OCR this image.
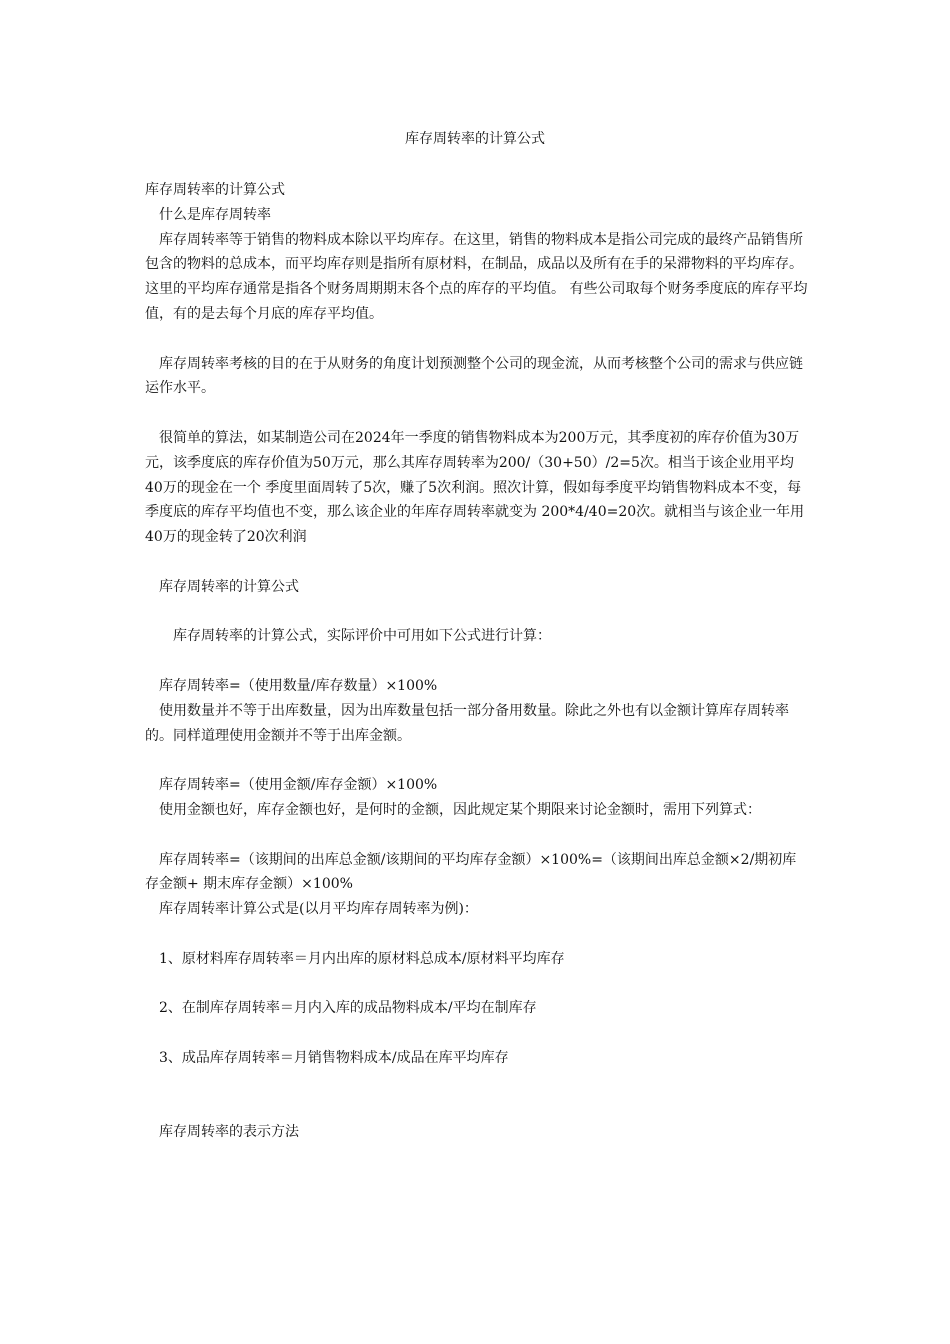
库存周转率的计算公式

库存周转率的计算公式

　什么是库存周转率

　库存周转率等于销售的物料成本除以平均库存。在这里，销售的物料成本是指公司完成的最终产品销售所包含的物料的总成本，而平均库存则是指所有原材料，在制品，成品以及所有在手的呆滞物料的平均库存。这里的平均库存通常是指各个财务周期期末各个点的库存的平均值。 有些公司取每个财务季度底的库存平均值，有的是去每个月底的库存平均值。

　库存周转率考核的目的在于从财务的角度计划预测整个公司的现金流，从而考核整个公司的需求与供应链运作水平。

　很简单的算法，如某制造公司在2024年一季度的销售物料成本为200万元，其季度初的库存价值为30万元，该季度底的库存价值为50万元，那么其库存周转率为200/（30+50）/2=5次。相当于该企业用平均40万的现金在一个 季度里面周转了5次，赚了5次利润。照次计算，假如每季度平均销售物料成本不变，每季度底的库存平均值也不变，那么该企业的年库存周转率就变为 200*4/40=20次。就相当与该企业一年用40万的现金转了20次利润

　库存周转率的计算公式

　　库存周转率的计算公式，实际评价中可用如下公式进行计算：

　库存周转率=（使用数量/库存数量）×100%

　使用数量并不等于出库数量，因为出库数量包括一部分备用数量。除此之外也有以金额计算库存周转率的。同样道理使用金额并不等于出库金额。

　库存周转率=（使用金额/库存金额）×100%

　使用金额也好，库存金额也好，是何时的金额，因此规定某个期限来讨论金额时，需用下列算式：

　库存周转率=（该期间的出库总金额/该期间的平均库存金额）×100%=（该期间出库总金额×2/期初库存金额+ 期末库存金额）×100%

　库存周转率计算公式是(以月平均库存周转率为例)：

　1、原材料库存周转率＝月内出库的原材料总成本/原材料平均库存

　2、在制库存周转率＝月内入库的成品物料成本/平均在制库存

　3、成品库存周转率＝月销售物料成本/成品在库平均库存

　库存周转率的表示方法
